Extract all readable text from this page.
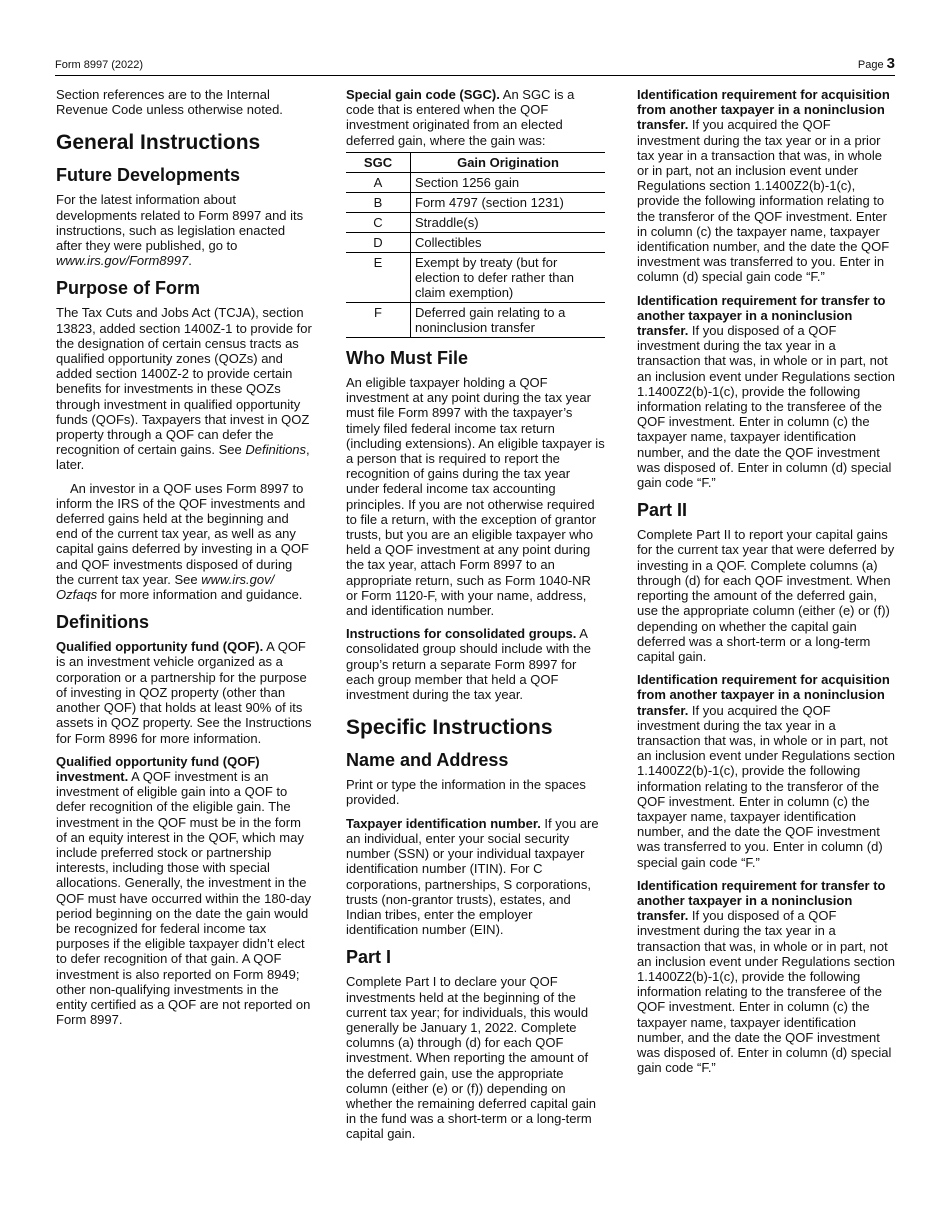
Form 8997 (2022)	Page 3

Section references are to the Internal Revenue Code unless otherwise noted.

General Instructions
Future Developments

For the latest information about developments related to Form 8997 and its instructions, such as legislation enacted after they were published, go to www.irs.gov/Form8997.

Purpose of Form

The Tax Cuts and Jobs Act (TCJA), section 13823, added section 1400Z-1 to provide for the designation of certain census tracts as qualified opportunity zones (QOZs) and added section 1400Z-2 to provide certain benefits for investments in these QOZs through investment in qualified opportunity funds (QOFs). Taxpayers that invest in QOZ property through a QOF can defer the recognition of certain gains. See Definitions, later.

An investor in a QOF uses Form 8997 to inform the IRS of the QOF investments and deferred gains held at the beginning and end of the current tax year, as well as any capital gains deferred by investing in a QOF and QOF investments disposed of during the current tax year. See www.irs.gov/ Ozfaqs for more information and guidance.

Definitions

Qualified opportunity fund (QOF). A QOF is an investment vehicle organized as a corporation or a partnership for the purpose of investing in QOZ property (other than another QOF) that holds at least 90% of its assets in QOZ property. See the Instructions for Form 8996 for more information.

Qualified opportunity fund (QOF) investment. A QOF investment is an investment of eligible gain into a QOF to defer recognition of the eligible gain. The investment in the QOF must be in the form of an equity interest in the QOF, which may include preferred stock or partnership interests, including those with special allocations. Generally, the investment in the QOF must have occurred within the 180-day period beginning on the date the gain would be recognized for federal income tax purposes if the eligible taxpayer didn’t elect to defer recognition of that gain. A QOF investment is also reported on Form 8949; other non-qualifying investments in the entity certified as a QOF are not reported on Form 8997.

Special gain code (SGC). An SGC is a code that is entered when the QOF investment originated from an elected deferred gain, where the gain was:

SGC	Gain Origination
A	Section 1256 gain
B	Form 4797 (section 1231)
C	Straddle(s)
D	Collectibles
E	Exempt by treaty (but for election to defer rather than claim exemption)
F	Deferred gain relating to a noninclusion transfer
Who Must File

An eligible taxpayer holding a QOF investment at any point during the tax year must file Form 8997 with the taxpayer’s timely filed federal income tax return (including extensions). An eligible taxpayer is a person that is required to report the recognition of gains during the tax year under federal income tax accounting principles. If you are not otherwise required to file a return, with the exception of grantor trusts, but you are an eligible taxpayer who held a QOF investment at any point during the tax year, attach Form 8997 to an appropriate return, such as Form 1040-NR or Form 1120-F, with your name, address, and identification number.

Instructions for consolidated groups. A consolidated group should include with the group’s return a separate Form 8997 for each group member that held a QOF investment during the tax year.

Specific Instructions
Name and Address

Print or type the information in the spaces provided.

Taxpayer identification number. If you are an individual, enter your social security number (SSN) or your individual taxpayer identification number (ITIN). For C corporations, partnerships, S corporations, trusts (non-grantor trusts), estates, and Indian tribes, enter the employer identification number (EIN).

Part I

Complete Part I to declare your QOF investments held at the beginning of the current tax year; for individuals, this would generally be January 1, 2022. Complete columns (a) through (d) for each QOF investment. When reporting the amount of the deferred gain, use the appropriate column (either (e) or (f)) depending on whether the remaining deferred capital gain in the fund was a short-term or a long-term capital gain.

Identification requirement for acquisition from another taxpayer in a noninclusion transfer. If you acquired the QOF investment during the tax year or in a prior tax year in a transaction that was, in whole or in part, not an inclusion event under Regulations section 1.1400Z2(b)-1(c), provide the following information relating to the transferor of the QOF investment. Enter in column (c) the taxpayer name, taxpayer identification number, and the date the QOF investment was transferred to you. Enter in column (d) special gain code “F.”

Identification requirement for transfer to another taxpayer in a noninclusion transfer. If you disposed of a QOF investment during the tax year in a transaction that was, in whole or in part, not an inclusion event under Regulations section 1.1400Z2(b)-1(c), provide the following information relating to the transferee of the QOF investment. Enter in column (c) the taxpayer name, taxpayer identification number, and the date the QOF investment was disposed of. Enter in column (d) special gain code “F.”

Part II

Complete Part II to report your capital gains for the current tax year that were deferred by investing in a QOF. Complete columns (a) through (d) for each QOF investment. When reporting the amount of the deferred gain, use the appropriate column (either (e) or (f)) depending on whether the capital gain deferred was a short-term or a long-term capital gain.

Identification requirement for acquisition from another taxpayer in a noninclusion transfer. If you acquired the QOF investment during the tax year in a transaction that was, in whole or in part, not an inclusion event under Regulations section 1.1400Z2(b)-1(c), provide the following information relating to the transferor of the QOF investment. Enter in column (c) the taxpayer name, taxpayer identification number, and the date the QOF investment was transferred to you. Enter in column (d) special gain code “F.”

Identification requirement for transfer to another taxpayer in a noninclusion transfer. If you disposed of a QOF investment during the tax year in a transaction that was, in whole or in part, not an inclusion event under Regulations section 1.1400Z2(b)-1(c), provide the following information relating to the transferee of the QOF investment. Enter in column (c) the taxpayer name, taxpayer identification number, and the date the QOF investment was disposed of. Enter in column (d) special gain code “F.”
